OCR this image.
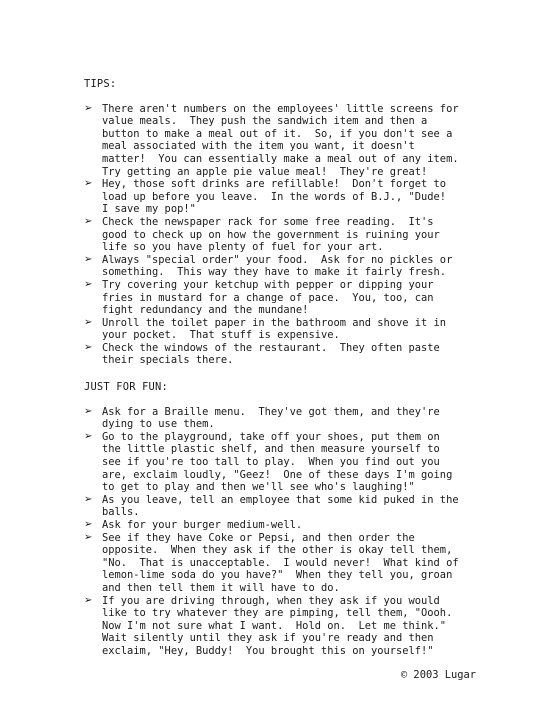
TIPS:

➢ There aren't numbers on the employees' little screens for
value meals.  They push the sandwich item and then a
button to make a meal out of it.  So, if you don't see a
meal associated with the item you want, it doesn't
matter!  You can essentially make a meal out of any item.
Try getting an apple pie value meal!  They're great!
➢ Hey, those soft drinks are refillable!  Don't forget to
load up before you leave.  In the words of B.J., "Dude!
I save my pop!"
➢ Check the newspaper rack for some free reading.  It's
good to check up on how the government is ruining your
life so you have plenty of fuel for your art.
➢ Always "special order" your food.  Ask for no pickles or
something.  This way they have to make it fairly fresh.
➢ Try covering your ketchup with pepper or dipping your
fries in mustard for a change of pace.  You, too, can
fight redundancy and the mundane!
➢ Unroll the toilet paper in the bathroom and shove it in
your pocket.  That stuff is expensive.
➢ Check the windows of the restaurant.  They often paste
their specials there.

JUST FOR FUN:

➢ Ask for a Braille menu.  They've got them, and they're
dying to use them.
➢ Go to the playground, take off your shoes, put them on
the little plastic shelf, and then measure yourself to
see if you're too tall to play.  When you find out you
are, exclaim loudly, "Geez!  One of these days I'm going
to get to play and then we'll see who's laughing!"
➢ As you leave, tell an employee that some kid puked in the
balls.
➢ Ask for your burger medium-well.
➢ See if they have Coke or Pepsi, and then order the
opposite.  When they ask if the other is okay tell them,
"No.  That is unacceptable.  I would never!  What kind of
lemon-lime soda do you have?"  When they tell you, groan
and then tell them it will have to do.
➢ If you are driving through, when they ask if you would
like to try whatever they are pimping, tell them, "Oooh.
Now I'm not sure what I want.  Hold on.  Let me think."
Wait silently until they ask if you're ready and then
exclaim, "Hey, Buddy!  You brought this on yourself!"
© 2003 Lugar
